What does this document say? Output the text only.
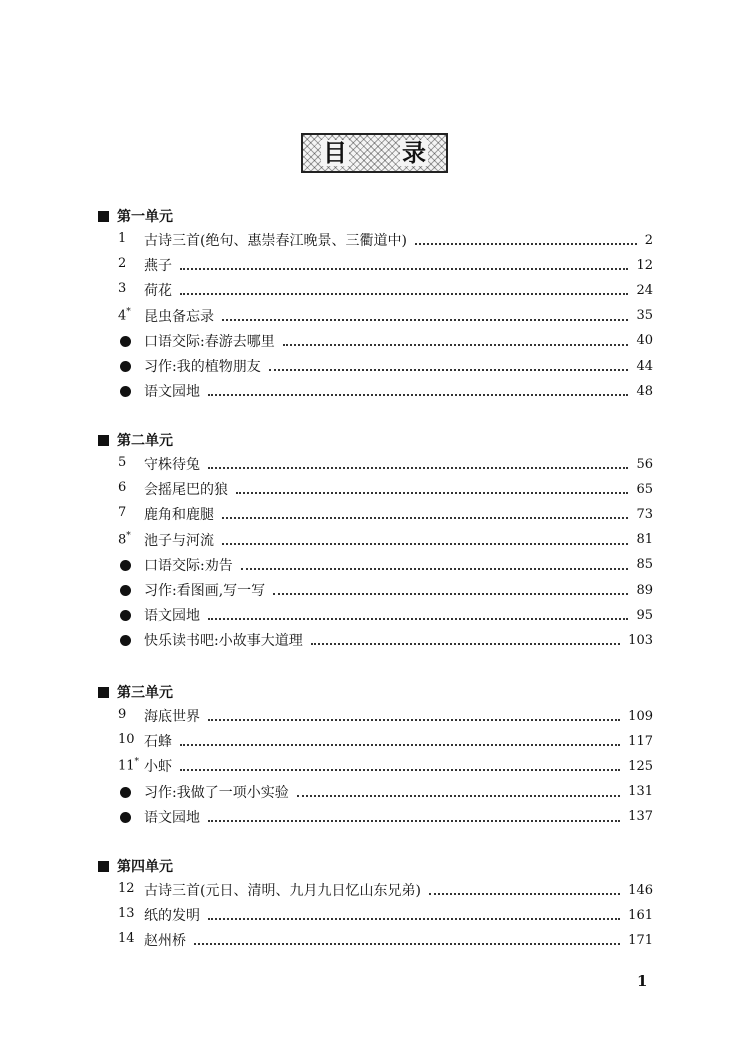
目 录
第一单元
1	古诗三首(绝句、惠崇春江晚景、三衢道中)	2
2	燕子	12
3	荷花	24
4* 昆虫备忘录	35
口语交际:春游去哪里	40
习作:我的植物朋友	44
语文园地	48
第二单元
5	守株待兔	56
6	会摇尾巴的狼	65
7	鹿角和鹿腿	73
8* 池子与河流	81
口语交际:劝告	85
习作:看图画,写一写	89
语文园地	95
快乐读书吧:小故事大道理	103
第三单元
9	海底世界	109
10 石蜂	117
11* 小虾	125
习作:我做了一项小实验	131
语文园地	137
第四单元
12 古诗三首(元日、清明、九月九日忆山东兄弟)	146
13 纸的发明	161
14 赵州桥	171
1
